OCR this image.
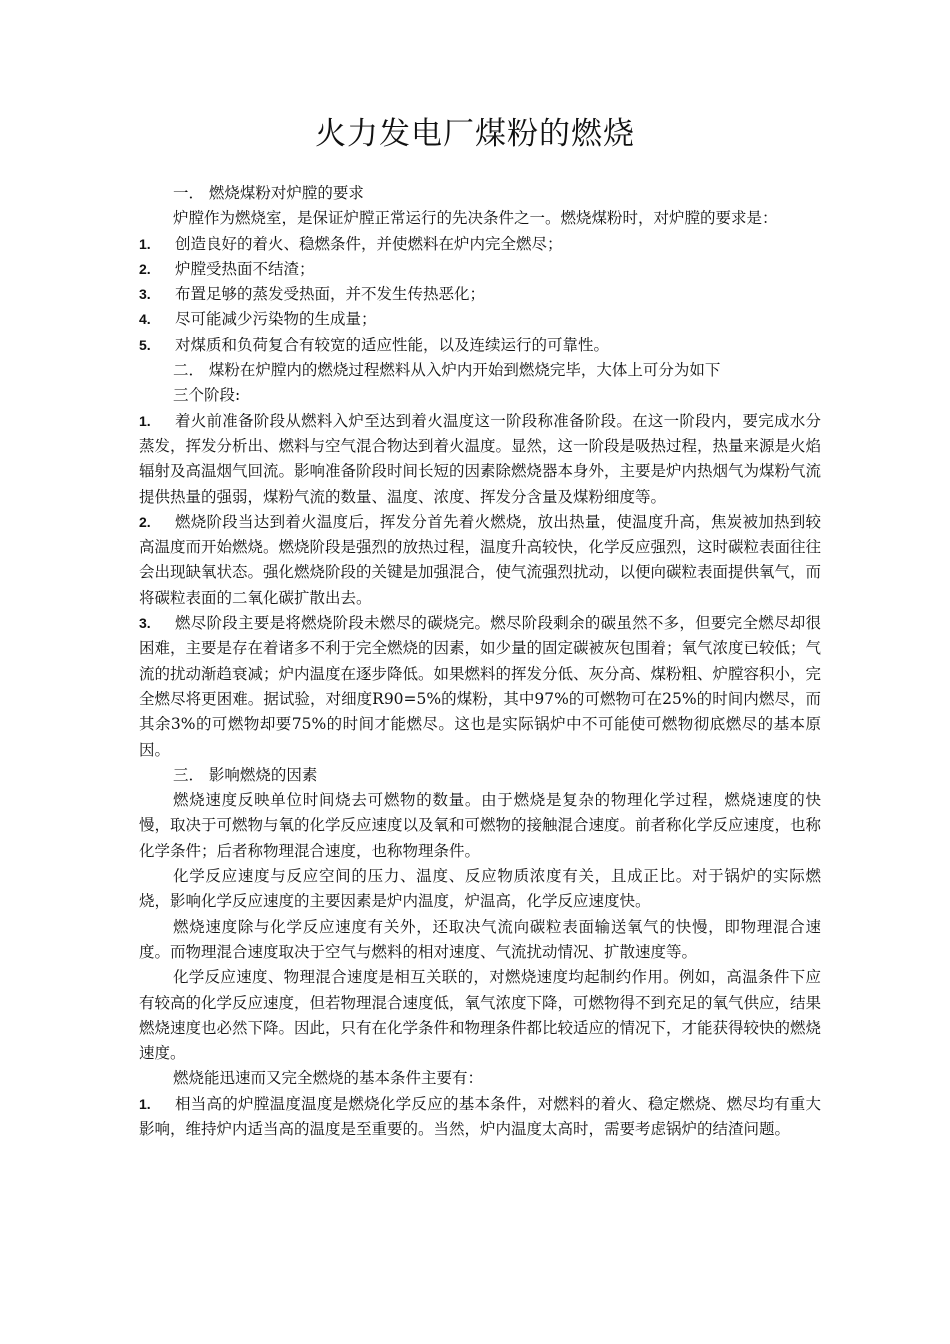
火力发电厂煤粉的燃烧

一． 燃烧煤粉对炉膛的要求

炉膛作为燃烧室，是保证炉膛正常运行的先决条件之一。燃烧煤粉时，对炉膛的要求是：

1. 创造良好的着火、稳燃条件，并使燃料在炉内完全燃尽；

2. 炉膛受热面不结渣；

3. 布置足够的蒸发受热面，并不发生传热恶化；

4. 尽可能减少污染物的生成量；

5. 对煤质和负荷复合有较宽的适应性能，以及连续运行的可靠性。

二． 煤粉在炉膛内的燃烧过程燃料从入炉内开始到燃烧完毕，大体上可分为如下

三个阶段:

1. 着火前准备阶段从燃料入炉至达到着火温度这一阶段称准备阶段。在这一阶段内，要完成水分蒸发，挥发分析出、燃料与空气混合物达到着火温度。显然，这一阶段是吸热过程，热量来源是火焰辐射及高温烟气回流。影响准备阶段时间长短的因素除燃烧器本身外，主要是炉内热烟气为煤粉气流提供热量的强弱，煤粉气流的数量、温度、浓度、挥发分含量及煤粉细度等。

2. 燃烧阶段当达到着火温度后，挥发分首先着火燃烧，放出热量，使温度升高，焦炭被加热到较高温度而开始燃烧。燃烧阶段是强烈的放热过程，温度升高较快，化学反应强烈，这时碳粒表面往往会出现缺氧状态。强化燃烧阶段的关键是加强混合，使气流强烈扰动，以便向碳粒表面提供氧气，而将碳粒表面的二氧化碳扩散出去。

3. 燃尽阶段主要是将燃烧阶段未燃尽的碳烧完。燃尽阶段剩余的碳虽然不多，但要完全燃尽却很困难，主要是存在着诸多不利于完全燃烧的因素，如少量的固定碳被灰包围着；氧气浓度已较低；气流的扰动渐趋衰减；炉内温度在逐步降低。如果燃料的挥发分低、灰分高、煤粉粗、炉膛容积小，完全燃尽将更困难。据试验，对细度R90=5%的煤粉，其中97%的可燃物可在25%的时间内燃尽，而其余3%的可燃物却要75%的时间才能燃尽。这也是实际锅炉中不可能使可燃物彻底燃尽的基本原因。

三． 影响燃烧的因素

燃烧速度反映单位时间烧去可燃物的数量。由于燃烧是复杂的物理化学过程，燃烧速度的快慢，取决于可燃物与氧的化学反应速度以及氧和可燃物的接触混合速度。前者称化学反应速度，也称化学条件；后者称物理混合速度，也称物理条件。

化学反应速度与反应空间的压力、温度、反应物质浓度有关，且成正比。对于锅炉的实际燃烧，影响化学反应速度的主要因素是炉内温度，炉温高，化学反应速度快。

燃烧速度除与化学反应速度有关外，还取决气流向碳粒表面输送氧气的快慢，即物理混合速度。而物理混合速度取决于空气与燃料的相对速度、气流扰动情况、扩散速度等。

化学反应速度、物理混合速度是相互关联的，对燃烧速度均起制约作用。例如，高温条件下应有较高的化学反应速度，但若物理混合速度低，氧气浓度下降，可燃物得不到充足的氧气供应，结果燃烧速度也必然下降。因此，只有在化学条件和物理条件都比较适应的情况下，才能获得较快的燃烧速度。

燃烧能迅速而又完全燃烧的基本条件主要有：

1. 相当高的炉膛温度温度是燃烧化学反应的基本条件，对燃料的着火、稳定燃烧、燃尽均有重大影响，维持炉内适当高的温度是至重要的。当然，炉内温度太高时，需要考虑锅炉的结渣问题。
